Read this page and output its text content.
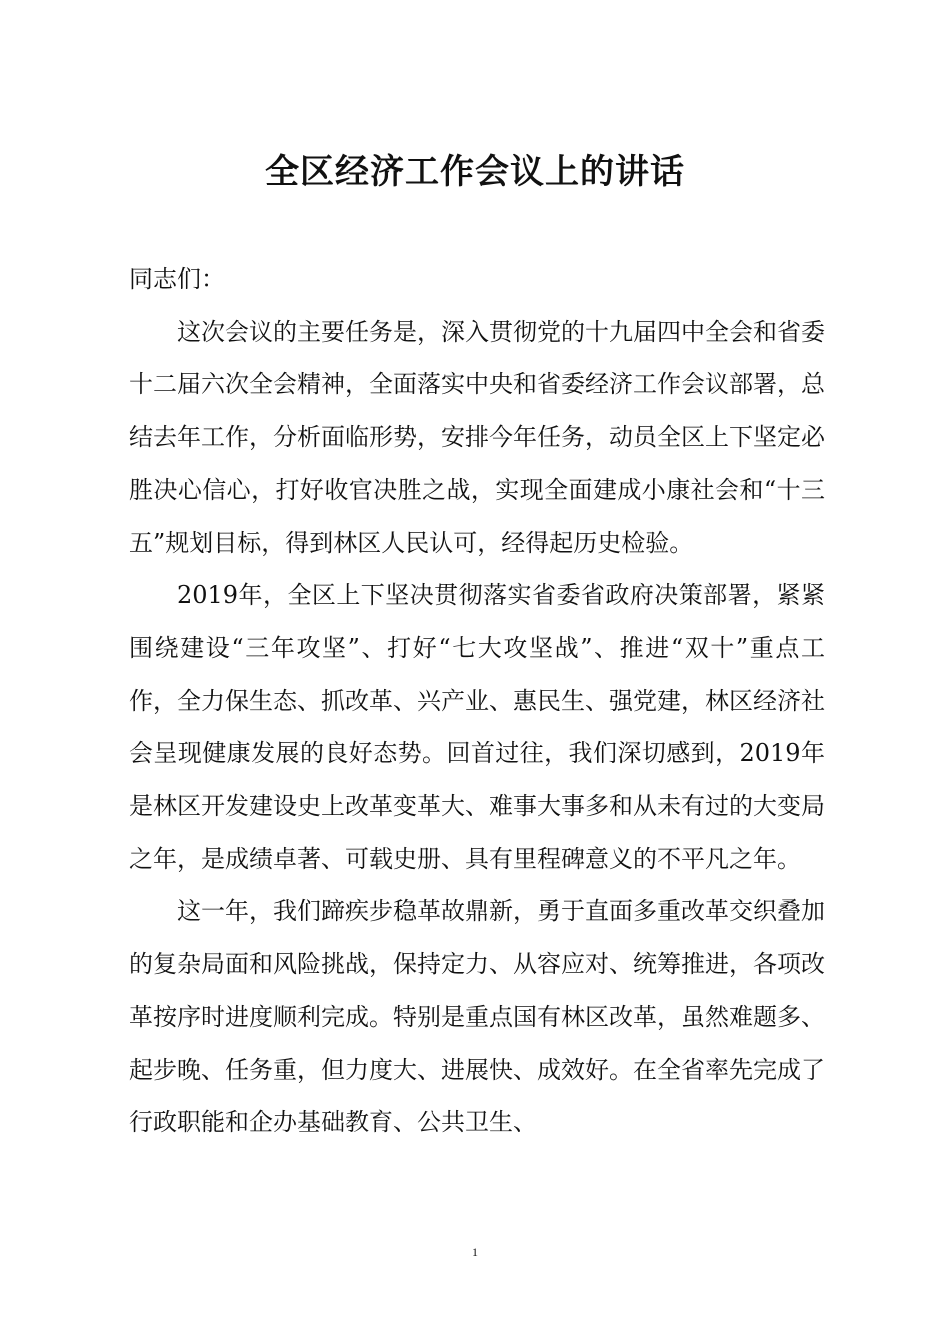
全区经济工作会议上的讲话

同志们：

这次会议的主要任务是，深入贯彻党的十九届四中全会和省委十二届六次全会精神，全面落实中央和省委经济工作会议部署，总结去年工作，分析面临形势，安排今年任务，动员全区上下坚定必胜决心信心，打好收官决胜之战，实现全面建成小康社会和“十三五”规划目标，得到林区人民认可，经得起历史检验。

2019年，全区上下坚决贯彻落实省委省政府决策部署，紧紧围绕建设“三年攻坚”、打好“七大攻坚战”、推进“双十”重点工作，全力保生态、抓改革、兴产业、惠民生、强党建，林区经济社会呈现健康发展的良好态势。回首过往，我们深切感到，2019年是林区开发建设史上改革变革大、难事大事多和从未有过的大变局之年，是成绩卓著、可载史册、具有里程碑意义的不平凡之年。

这一年，我们蹄疾步稳革故鼎新，勇于直面多重改革交织叠加的复杂局面和风险挑战，保持定力、从容应对、统筹推进，各项改革按序时进度顺利完成。特别是重点国有林区改革，虽然难题多、起步晚、任务重，但力度大、进展快、成效好。在全省率先完成了行政职能和企办基础教育、公共卫生、

1
